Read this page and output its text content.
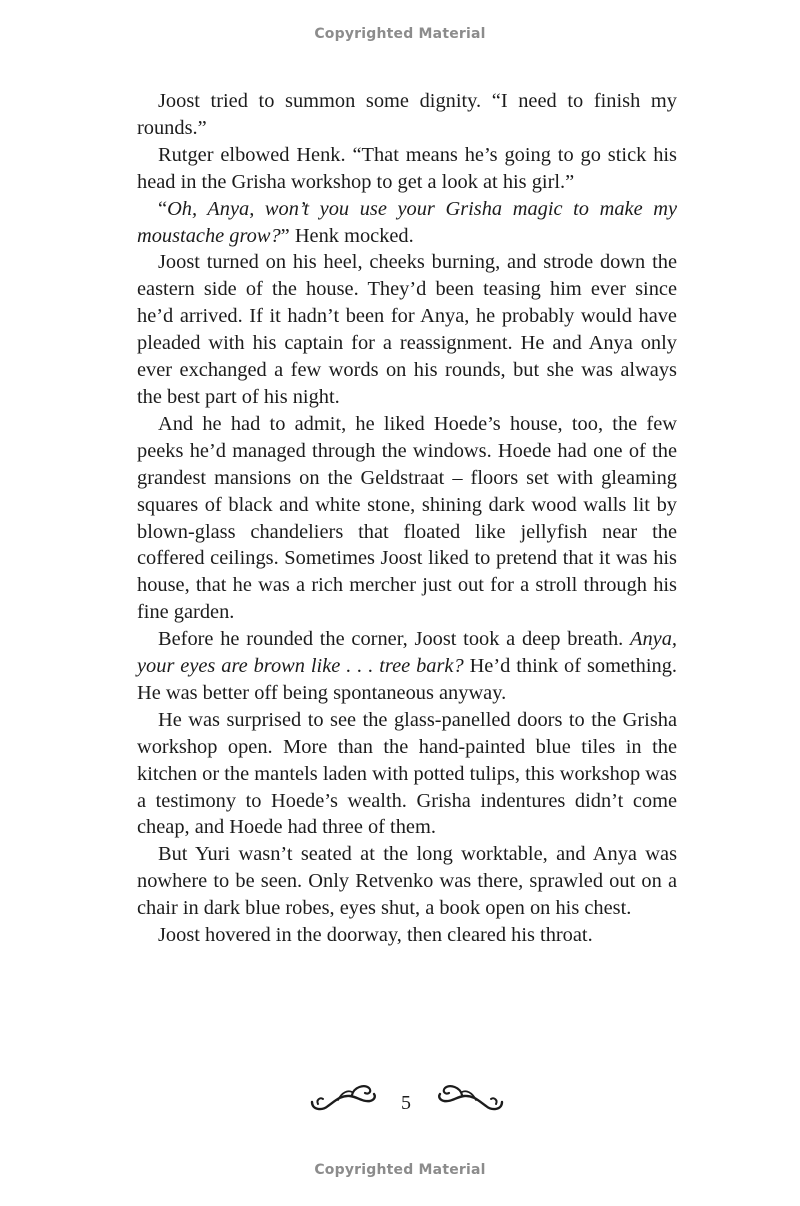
Copyrighted Material

Joost tried to summon some dignity. “I need to finish my rounds.”

Rutger elbowed Henk. “That means he’s going to go stick his head in the Grisha workshop to get a look at his girl.”

“Oh, Anya, won’t you use your Grisha magic to make my moustache grow?” Henk mocked.

Joost turned on his heel, cheeks burning, and strode down the eastern side of the house. They’d been teasing him ever since he’d arrived. If it hadn’t been for Anya, he probably would have pleaded with his captain for a reassignment. He and Anya only ever exchanged a few words on his rounds, but she was always the best part of his night.

And he had to admit, he liked Hoede’s house, too, the few peeks he’d managed through the windows. Hoede had one of the grandest mansions on the Geldstraat – floors set with gleaming squares of black and white stone, shining dark wood walls lit by blown-glass chandeliers that floated like jellyfish near the coffered ceilings. Sometimes Joost liked to pretend that it was his house, that he was a rich mercher just out for a stroll through his fine garden.

Before he rounded the corner, Joost took a deep breath. Anya, your eyes are brown like . . . tree bark? He’d think of something. He was better off being spontaneous anyway.

He was surprised to see the glass-panelled doors to the Grisha workshop open. More than the hand-painted blue tiles in the kitchen or the mantels laden with potted tulips, this workshop was a testimony to Hoede’s wealth. Grisha indentures didn’t come cheap, and Hoede had three of them.

But Yuri wasn’t seated at the long worktable, and Anya was nowhere to be seen. Only Retvenko was there, sprawled out on a chair in dark blue robes, eyes shut, a book open on his chest.

Joost hovered in the doorway, then cleared his throat.

5
Copyrighted Material
